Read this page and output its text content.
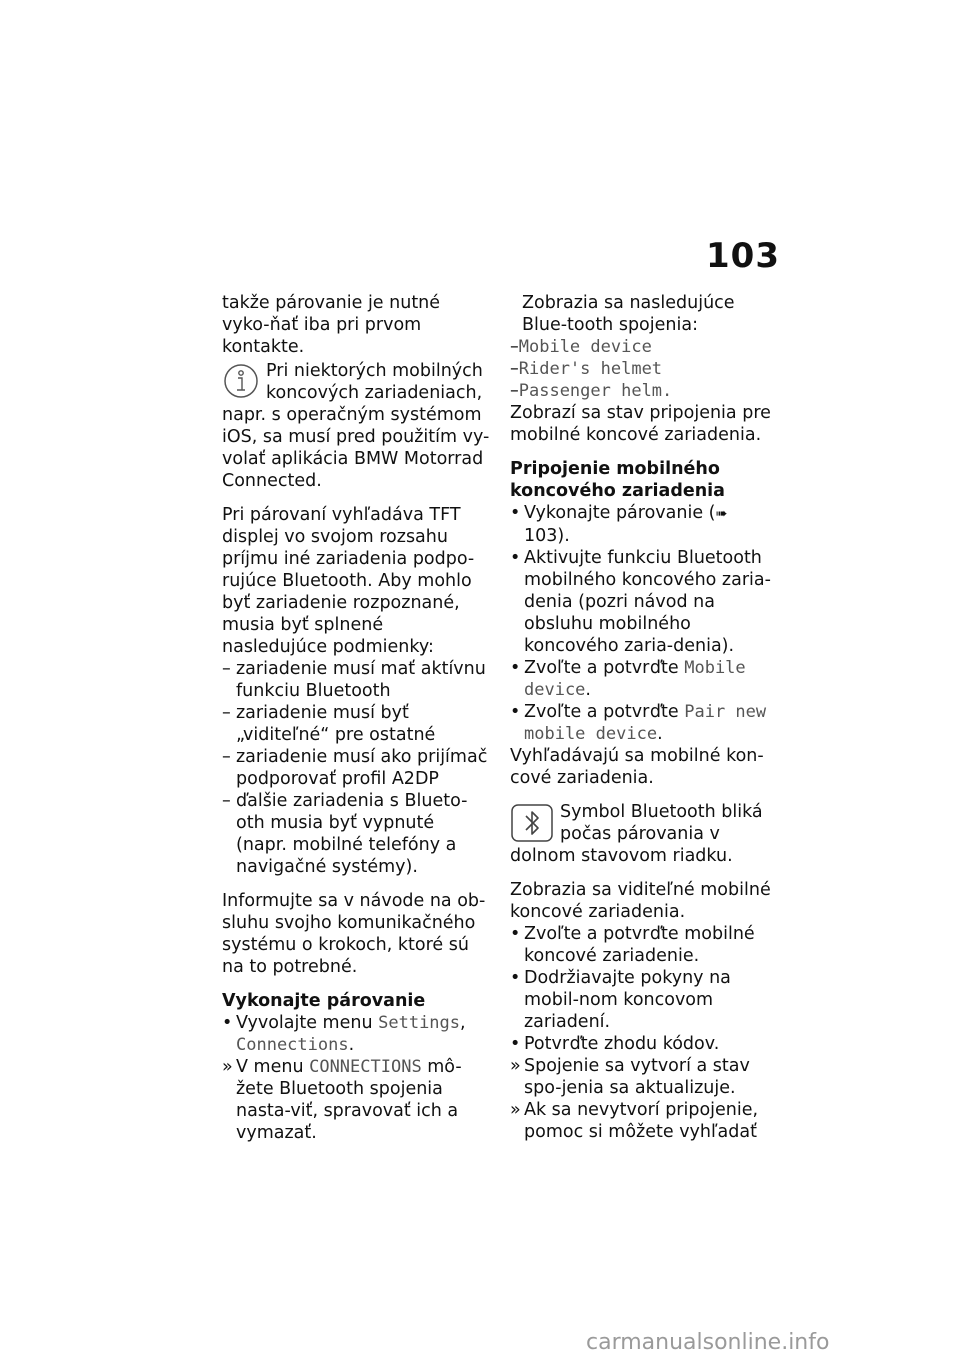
103

takže párovanie je nutné vyko-ňať iba pri prvom kontakte.

Pri niektorých mobilných koncových zariadeniach, napr. s operačným systémom iOS, sa musí pred použitím vy-volať aplikácia BMW Motorrad Connected.

Pri párovaní vyhľadáva TFT displej vo svojom rozsahu príjmu iné zariadenia podpo-rujúce Bluetooth. Aby mohlo byť zariadenie rozpoznané, musia byť splnené nasledujúce podmienky:

– zariadenie musí mať aktívnu funkciu Bluetooth
– zariadenie musí byť „viditeľné“ pre ostatné
– zariadenie musí ako prijímač podporovať profil A2DP
– ďalšie zariadenia s Blueto-oth musia byť vypnuté (napr. mobilné telefóny a navigačné systémy).

Informujte sa v návode na ob-sluhu svojho komunikačného systému o krokoch, ktoré sú na to potrebné.

Vykonajte párovanie

• Vyvolajte menu Settings, Connections.
» V menu CONNECTIONS mô-žete Bluetooth spojenia nasta-viť, spravovať ich a vymazať.

Zobrazia sa nasledujúce Blue-tooth spojenia:

–Mobile device
–Rider's helmet
–Passenger helm.

Zobrazí sa stav pripojenia pre mobilné koncové zariadenia.

Pripojenie mobilného koncového zariadenia

• Vykonajte párovanie (➠ 103).
• Aktivujte funkciu Bluetooth mobilného koncového zaria-denia (pozri návod na obsluhu mobilného koncového zaria-denia).
• Zvoľte a potvrďte Mobile device.
• Zvoľte a potvrďte Pair new mobile device.

Vyhľadávajú sa mobilné kon-cové zariadenia.

Symbol Bluetooth bliká počas párovania v dolnom stavovom riadku.

Zobrazia sa viditeľné mobilné koncové zariadenia.

• Zvoľte a potvrďte mobilné koncové zariadenie.
• Dodržiavajte pokyny na mobil-nom koncovom zariadení.
• Potvrďte zhodu kódov.
» Spojenie sa vytvorí a stav spo-jenia sa aktualizuje.
» Ak sa nevytvorí pripojenie, pomoc si môžete vyhľadať
carmanualsonline.info
